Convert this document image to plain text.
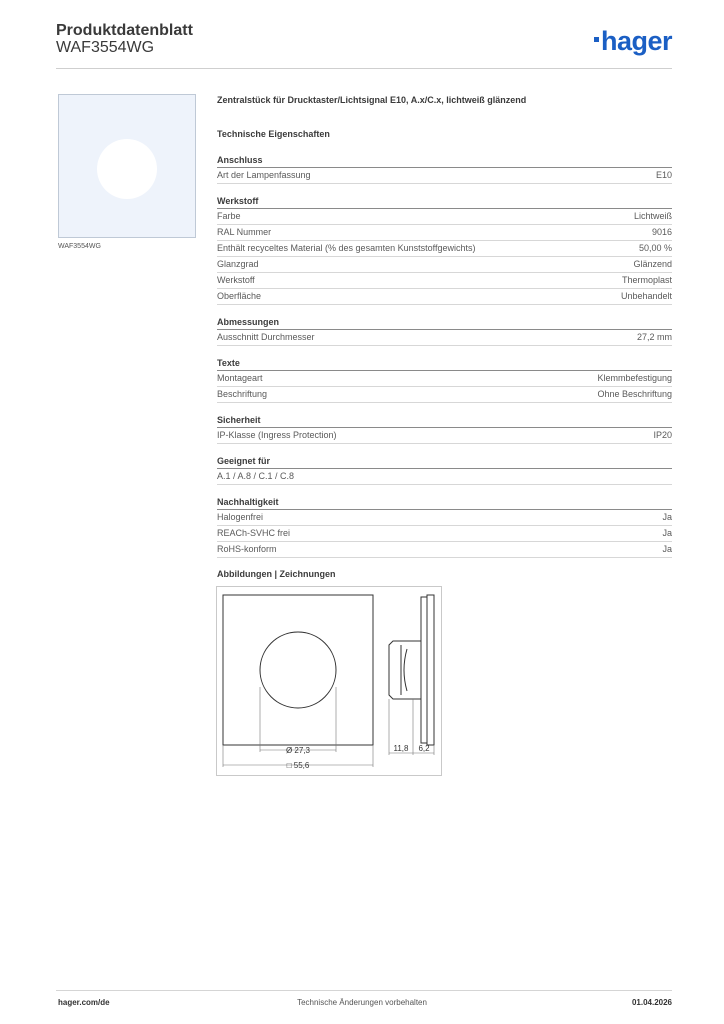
Produktdatenblatt
WAF3554WG	hager
WAF3554WG
Zentralstück für Drucktaster/Lichtsignal E10, A.x/C.x, lichtweiß glänzend
Technische Eigenschaften
Anschluss
Art der Lampenfassung	E10
Werkstoff
Farbe	Lichtweiß
RAL Nummer	9016
Enthält recyceltes Material (% des gesamten Kunststoffgewichts)	50,00 %
Glanzgrad	Glänzend
Werkstoff	Thermoplast
Oberfläche	Unbehandelt
Abmessungen
Ausschnitt Durchmesser	27,2 mm
Texte
Montageart	Klemmbefestigung
Beschriftung	Ohne Beschriftung
Sicherheit
IP-Klasse (Ingress Protection)	IP20
Geeignet für
A.1 / A.8 / C.1 / C.8
Nachhaltigkeit
Halogenfrei	Ja
REACh-SVHC frei	Ja
RoHS-konform	Ja
Abbildungen | Zeichnungen
Ø 27,3
□ 55,6
11,8 6,2
hager.com/de	Technische Änderungen vorbehalten	01.04.2026
